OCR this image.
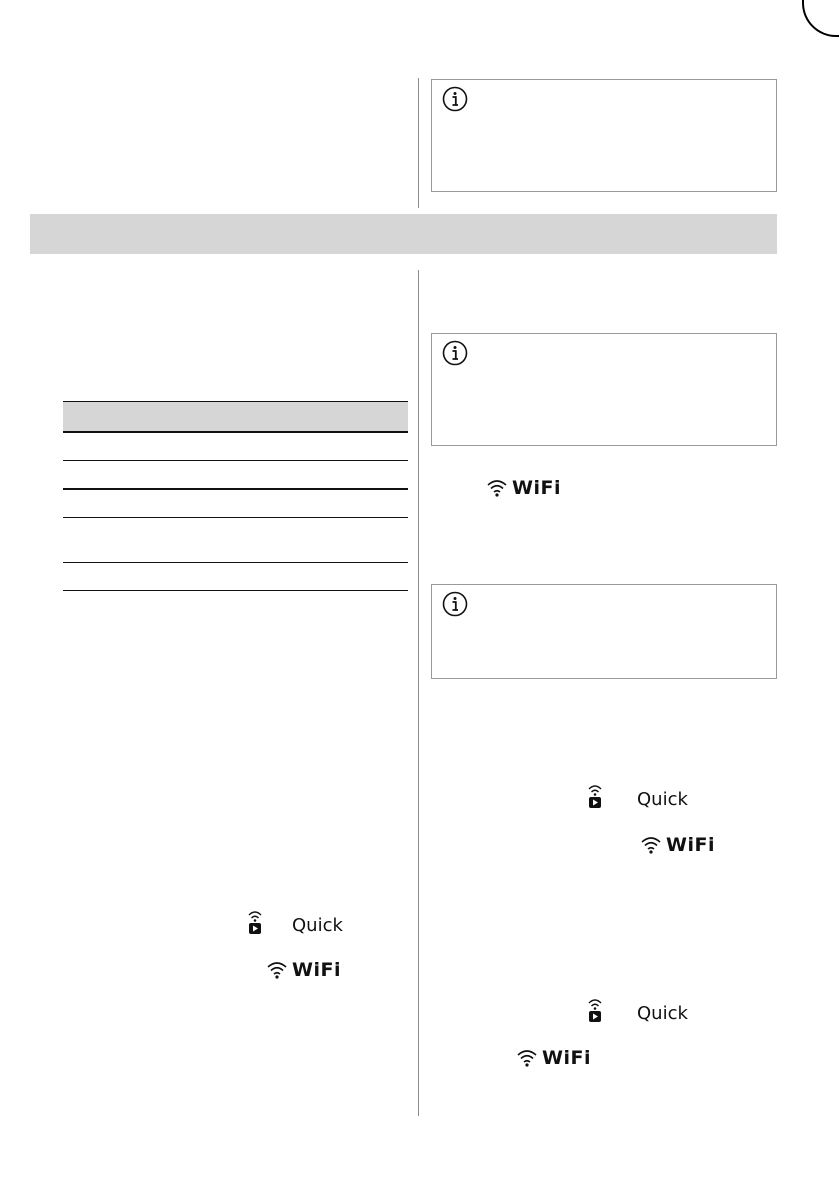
WiFi
Quick
WiFi
Quick
WiFi
Quick
WiFi
